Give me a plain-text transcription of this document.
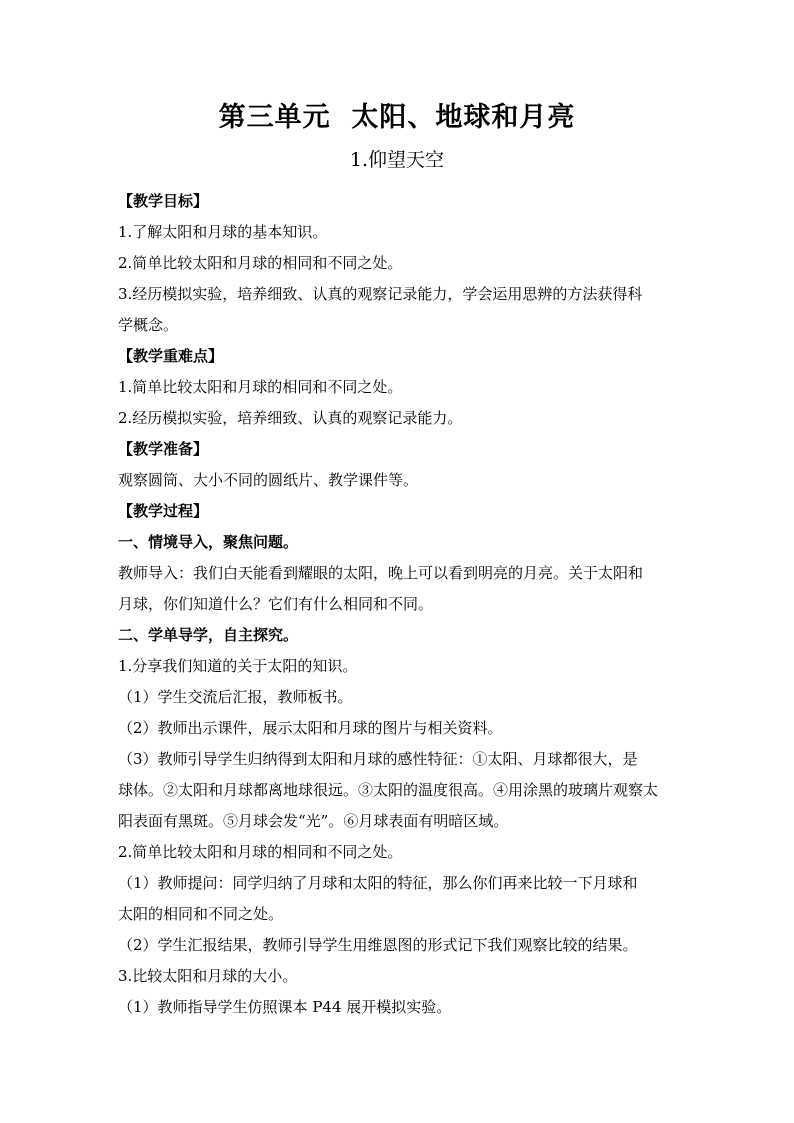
第三单元  太阳、地球和月亮
1.仰望天空
【教学目标】
1.了解太阳和月球的基本知识。
2.简单比较太阳和月球的相同和不同之处。
3.经历模拟实验，培养细致、认真的观察记录能力，学会运用思辨的方法获得科
学概念。
【教学重难点】
1.简单比较太阳和月球的相同和不同之处。
2.经历模拟实验，培养细致、认真的观察记录能力。
【教学准备】
观察圆筒、大小不同的圆纸片、教学课件等。
【教学过程】
一、情境导入，聚焦问题。
教师导入：我们白天能看到耀眼的太阳，晚上可以看到明亮的月亮。关于太阳和
月球，你们知道什么？它们有什么相同和不同。
二、学单导学，自主探究。
1.分享我们知道的关于太阳的知识。
（1）学生交流后汇报，教师板书。
（2）教师出示课件，展示太阳和月球的图片与相关资料。
（3）教师引导学生归纳得到太阳和月球的感性特征：①太阳、月球都很大，是
球体。②太阳和月球都离地球很远。③太阳的温度很高。④用涂黑的玻璃片观察太
阳表面有黑斑。⑤月球会发“光”。⑥月球表面有明暗区域。
2.简单比较太阳和月球的相同和不同之处。
（1）教师提问：同学归纳了月球和太阳的特征，那么你们再来比较一下月球和
太阳的相同和不同之处。
（2）学生汇报结果，教师引导学生用维恩图的形式记下我们观察比较的结果。
3.比较太阳和月球的大小。
（1）教师指导学生仿照课本 P44 展开模拟实验。
